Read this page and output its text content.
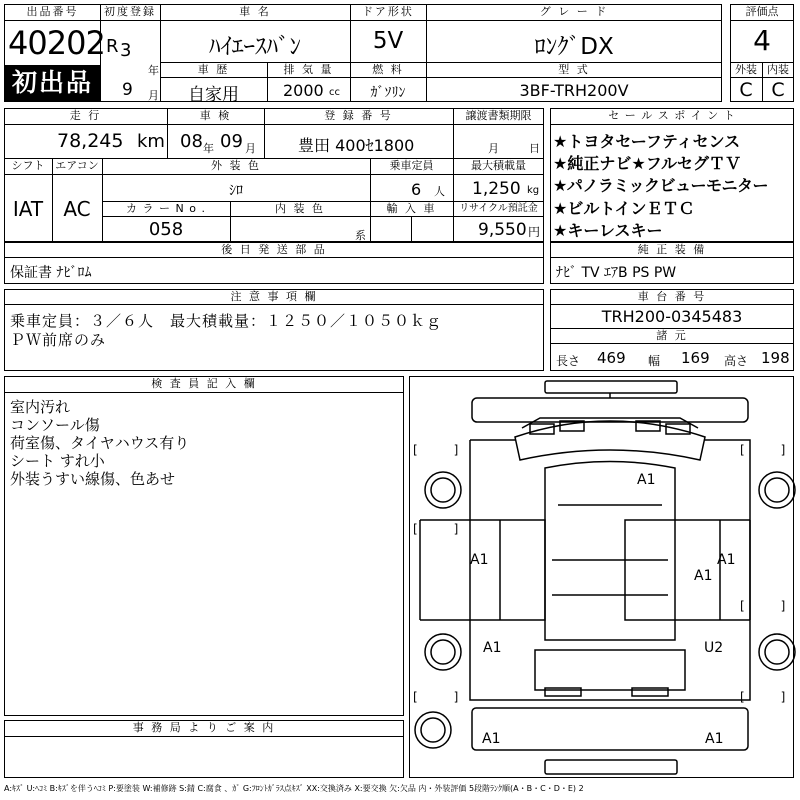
出品番号
40202
初出品
初度登録
R 3
年
9 月
車 名
ﾊｲｴｰｽﾊﾞﾝ
ドア形状
5V
グ レ ー ド
ﾛﾝｸﾞDX
車 歴
自家用
排 気 量
2000 cc
燃 料
ｶﾞｿﾘﾝ
型 式
3BF-TRH200V
評価点
4
外装 内装
C C
走 行
78,245 km
車 検
08 年 09 月
登 録 番 号
豊田 400ｾ1800
譲渡書類期限
月	日
シフト
IAT
エアコン
AC
外 装 色
ｼﾛ
乗車定員
6 人
最大積載量
1,250 kg
カ ラ ー N o .
058
内 装 色
系
輸 入 車	リサイクル預託金
9,550 円
セ ー ル ス ポ イ ン ト
★トヨタセーフティセンス
★純正ナビ★フルセグＴＶ
★パノラミックビューモニター
★ビルトインＥＴＣ
★キーレスキー
後 日 発 送 部 品
保証書 ﾅﾋﾞﾛﾑ
純 正 装 備
ﾅﾋﾞ TV ｴｱB PS PW
注 意 事 項 欄
乗車定員：３／６人　最大積載量：１２５０／１０５０ｋｇ
ＰＷ前席のみ
車 台 番 号
TRH200-0345483
諸 元
長さ 469 幅 169 高さ 198
検 査 員 記 入 欄
室内汚れ
コンソール傷
荷室傷、タイヤハウス有り
シート すれ小
外装うすい線傷、色あせ
事 務 局 よ り ご 案 内
[　　　]	[　　　]
[　　　]	[　　　]
[　　　]
[　　　]
A1
A1	A1
A1
A1	U2
A1	A1
A:ｷｽﾞ U:ﾍｺﾐ B:ｷｽﾞを伴うﾍｺﾐ P:要塗装 W:補修跡 S:錆 C:腐食 、ｶﾞ G:ﾌﾛﾝﾄｶﾞﾗｽ点ｷｽﾞ XX:交換済み X:要交換 欠:欠品 内・外装評価 5段階ﾗﾝｸ順(A・B・C・D・E) 2
